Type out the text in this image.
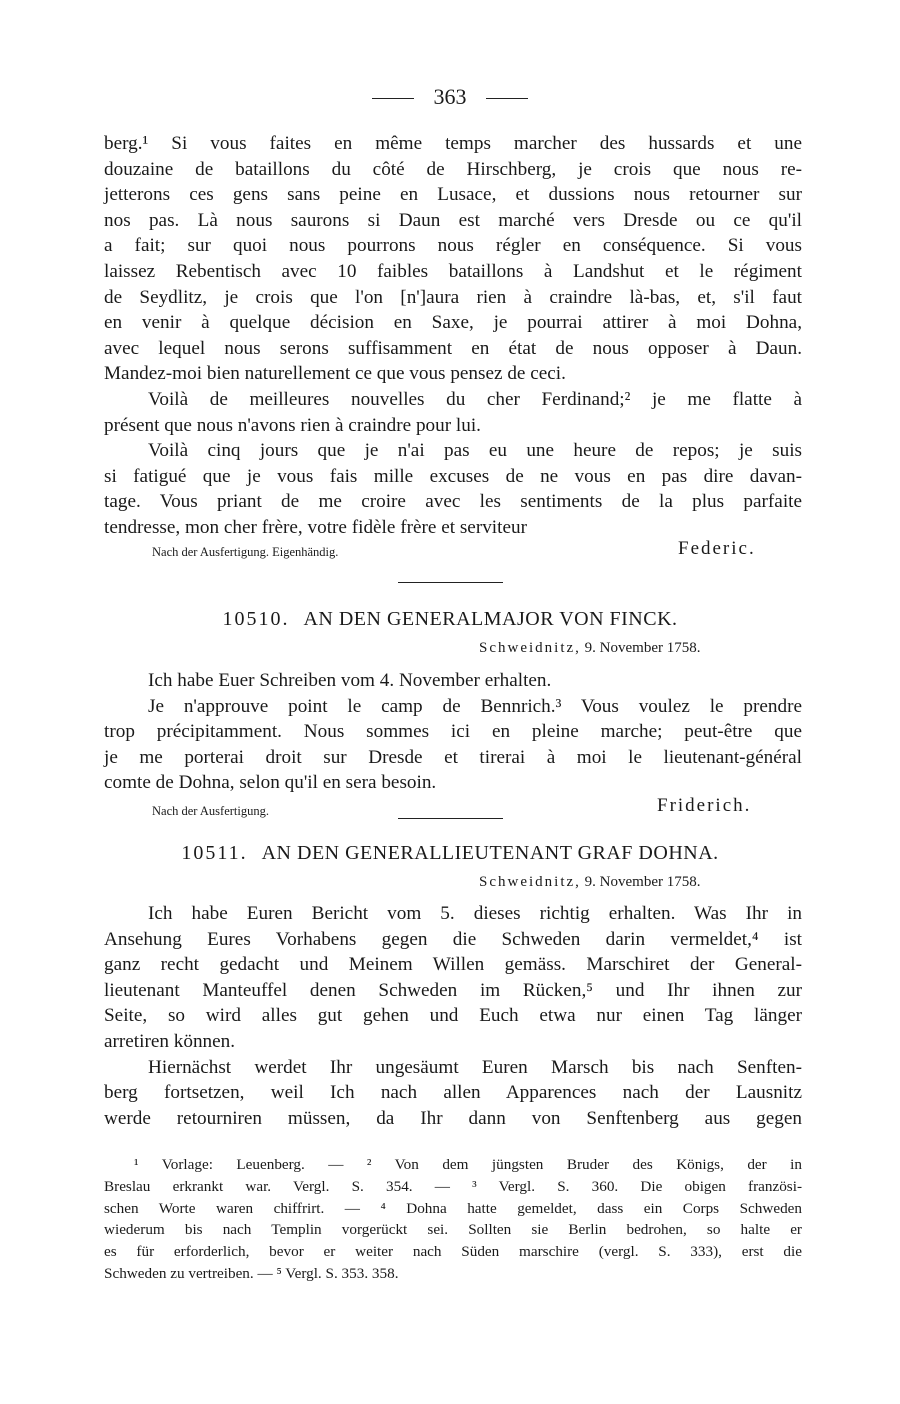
363
berg.¹ Si vous faites en même temps marcher des hussards et une
douzaine de bataillons du côté de Hirschberg, je crois que nous re-
jetterons ces gens sans peine en Lusace, et dussions nous retourner sur
nos pas. Là nous saurons si Daun est marché vers Dresde ou ce qu'il
a fait; sur quoi nous pourrons nous régler en conséquence. Si vous
laissez Rebentisch avec 10 faibles bataillons à Landshut et le régiment
de Seydlitz, je crois que l'on [n']aura rien à craindre là-bas, et, s'il faut
en venir à quelque décision en Saxe, je pourrai attirer à moi Dohna,
avec lequel nous serons suffisamment en état de nous opposer à Daun.
Mandez-moi bien naturellement ce que vous pensez de ceci.
Voilà de meilleures nouvelles du cher Ferdinand;² je me flatte à
présent que nous n'avons rien à craindre pour lui.
Voilà cinq jours que je n'ai pas eu une heure de repos; je suis
si fatigué que je vous fais mille excuses de ne vous en pas dire davan-
tage. Vous priant de me croire avec les sentiments de la plus parfaite
tendresse, mon cher frère, votre fidèle frère et serviteur
Nach der Ausfertigung. Eigenhändig.	Federic.
10510. AN DEN GENERALMAJOR VON FINCK.
Schweidnitz, 9. November 1758.
Ich habe Euer Schreiben vom 4. November erhalten.
Je n'approuve point le camp de Bennrich.³ Vous voulez le prendre
trop précipitamment. Nous sommes ici en pleine marche; peut-être que
je me porterai droit sur Dresde et tirerai à moi le lieutenant-général
comte de Dohna, selon qu'il en sera besoin.
Nach der Ausfertigung.	Friderich.
10511. AN DEN GENERALLIEUTENANT GRAF DOHNA.
Schweidnitz, 9. November 1758.
Ich habe Euren Bericht vom 5. dieses richtig erhalten. Was Ihr in
Ansehung Eures Vorhabens gegen die Schweden darin vermeldet,⁴ ist
ganz recht gedacht und Meinem Willen gemäss. Marschiret der General-
lieutenant Manteuffel denen Schweden im Rücken,⁵ und Ihr ihnen zur
Seite, so wird alles gut gehen und Euch etwa nur einen Tag länger
arretiren können.
Hiernächst werdet Ihr ungesäumt Euren Marsch bis nach Senften-
berg fortsetzen, weil Ich nach allen Apparences nach der Lausnitz
werde retourniren müssen, da Ihr dann von Senftenberg aus gegen
¹ Vorlage: Leuenberg. — ² Von dem jüngsten Bruder des Königs, der in
Breslau erkrankt war. Vergl. S. 354. — ³ Vergl. S. 360. Die obigen französi-
schen Worte waren chiffrirt. — ⁴ Dohna hatte gemeldet, dass ein Corps Schweden
wiederum bis nach Templin vorgerückt sei. Sollten sie Berlin bedrohen, so halte er
es für erforderlich, bevor er weiter nach Süden marschire (vergl. S. 333), erst die
Schweden zu vertreiben. — ⁵ Vergl. S. 353. 358.
